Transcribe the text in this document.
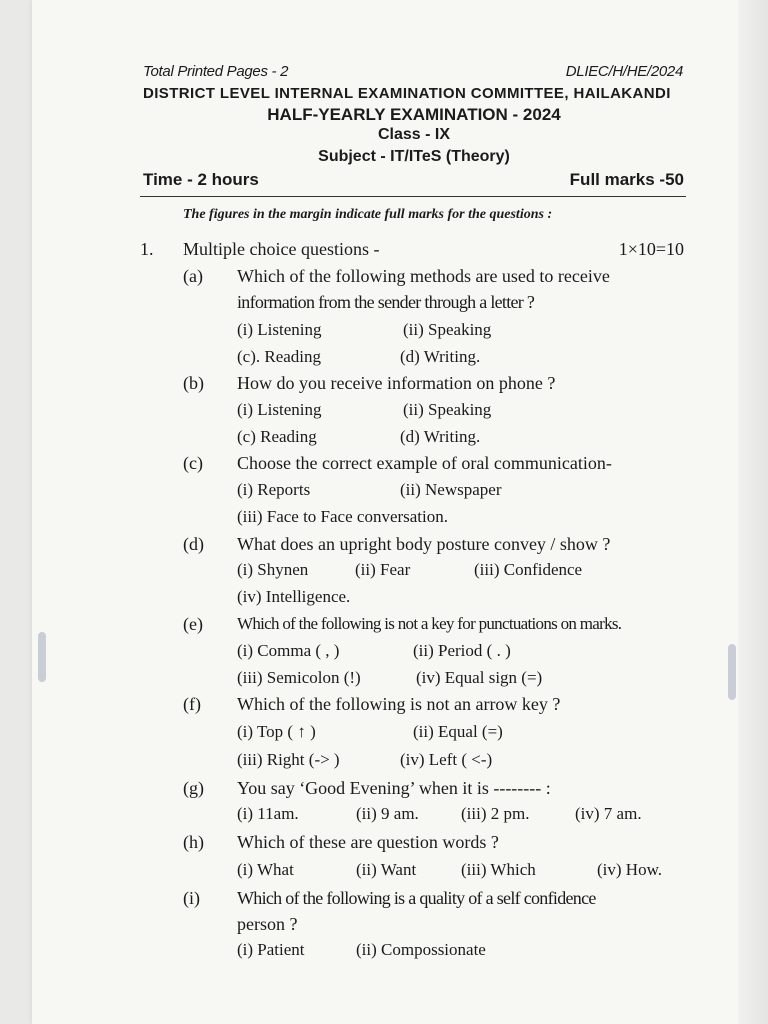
Total Printed Pages - 2	DLIEC/H/HE/2024
DISTRICT LEVEL INTERNAL EXAMINATION COMMITTEE, HAILAKANDI
HALF-YEARLY EXAMINATION - 2024
Class - IX
Subject - IT/ITeS (Theory)
Time - 2 hours	Full marks -50
The figures in the margin indicate full marks for the questions :
1. Multiple choice questions -	1×10=10
(a) Which of the following methods are used to receive
information from the sender through a letter ?
(i) Listening	(ii) Speaking
(c). Reading	(d) Writing.
(b) How do you receive information on phone ?
(i) Listening	(ii) Speaking
(c) Reading	(d) Writing.
(c) Choose the correct example of oral communication-
(i) Reports	(ii) Newspaper
(iii) Face to Face conversation.
(d) What does an upright body posture convey / show ?
(i) Shynen	(ii) Fear	(iii) Confidence
(iv) Intelligence.
(e) Which of the following is not a key for punctuations on marks.
(i) Comma ( , )	(ii) Period ( . )
(iii) Semicolon (!)	(iv) Equal sign (=)
(f) Which of the following is not an arrow key ?
(i) Top ( ↑ )	(ii) Equal (=)
(iii) Right (-> )	(iv) Left ( <-)
(g) You say ‘Good Evening’ when it is -------- :
(i) 11am.	(ii) 9 am. (iii) 2 pm.	(iv) 7 am.
(h) Which of these are question words ?
(i) What	(ii) Want	(iii) Which	(iv) How.
(i) Which of the following is a quality of a self confidence
person ?
(i) Patient	(ii) Compossionate
